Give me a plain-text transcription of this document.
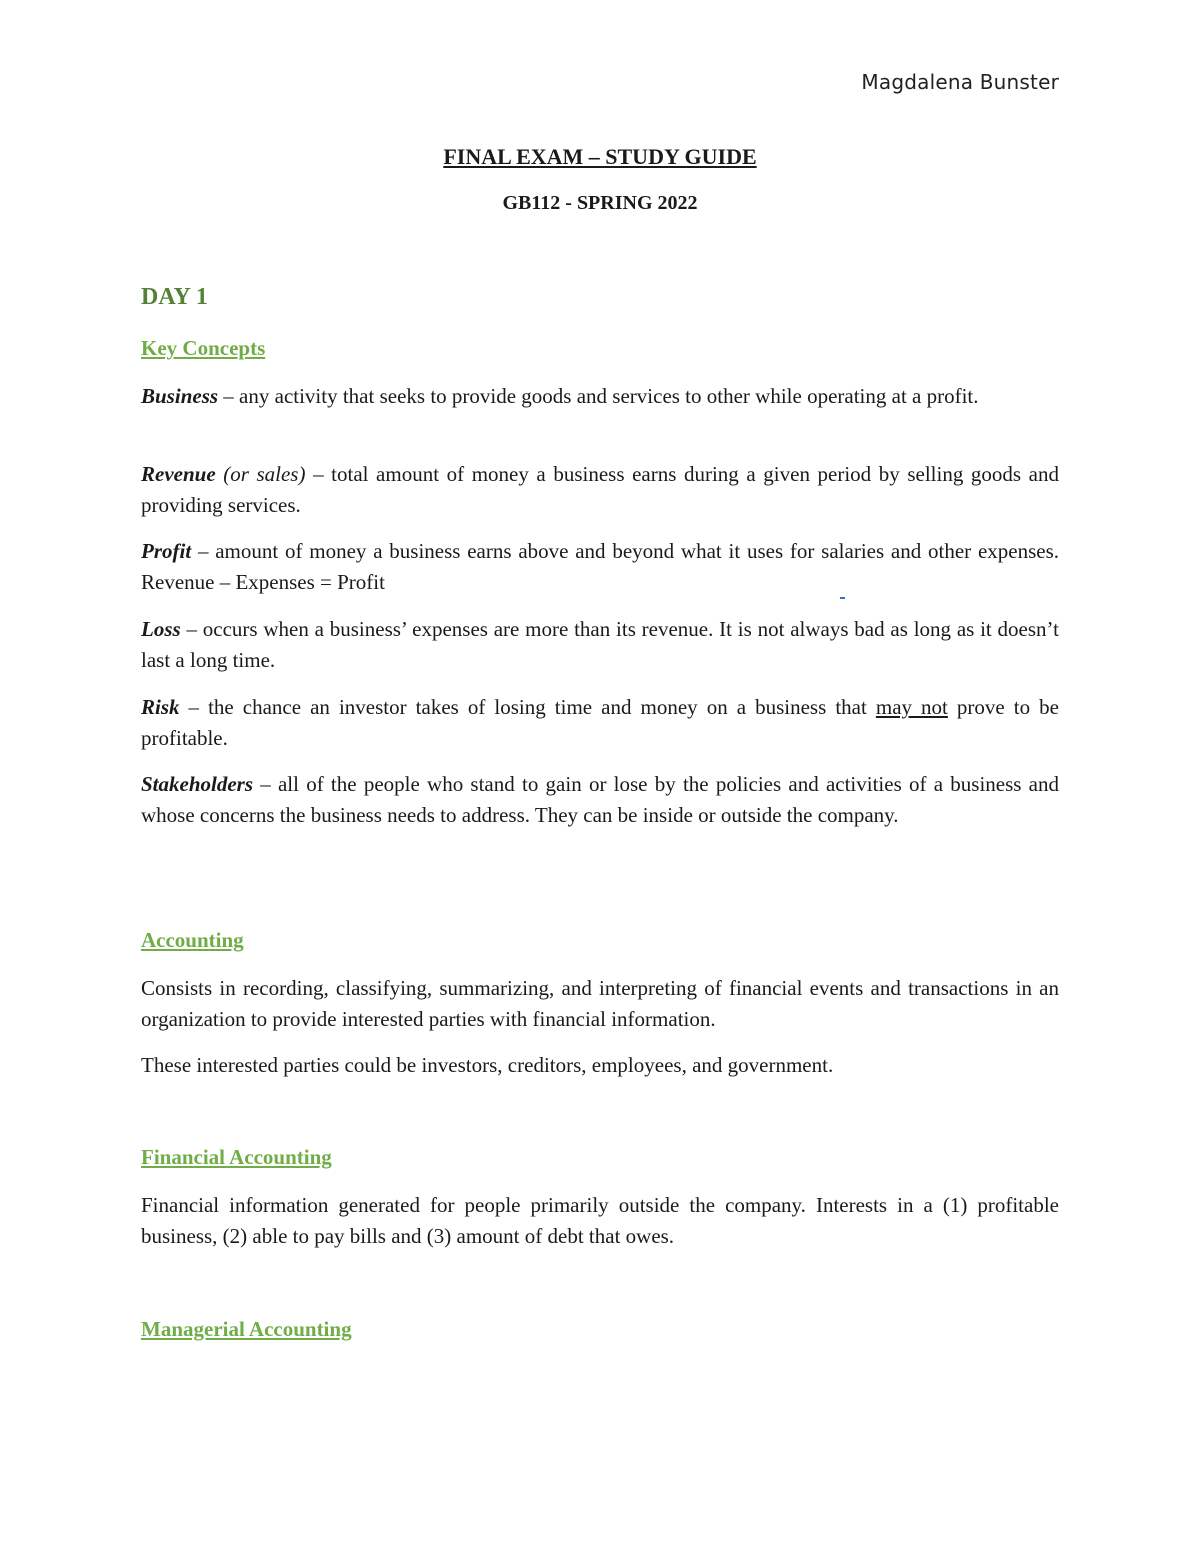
Magdalena Bunster
FINAL EXAM – STUDY GUIDE
GB112 - SPRING 2022
DAY 1
Key Concepts

Business – any activity that seeks to provide goods and services to other while operating at a profit.

Revenue (or sales) – total amount of money a business earns during a given period by selling goods and providing services.

Profit – amount of money a business earns above and beyond what it uses for salaries and other expenses. Revenue – Expenses = Profit

Loss – occurs when a business’ expenses are more than its revenue. It is not always bad as long as it doesn’t last a long time.

Risk – the chance an investor takes of losing time and money on a business that may not prove to be profitable.

Stakeholders – all of the people who stand to gain or lose by the policies and activities of a business and whose concerns the business needs to address. They can be inside or outside the company.

Accounting

Consists in recording, classifying, summarizing, and interpreting of financial events and transactions in an organization to provide interested parties with financial information.

These interested parties could be investors, creditors, employees, and government.

Financial Accounting

Financial information generated for people primarily outside the company. Interests in a (1) profitable business, (2) able to pay bills and (3) amount of debt that owes.

Managerial Accounting
